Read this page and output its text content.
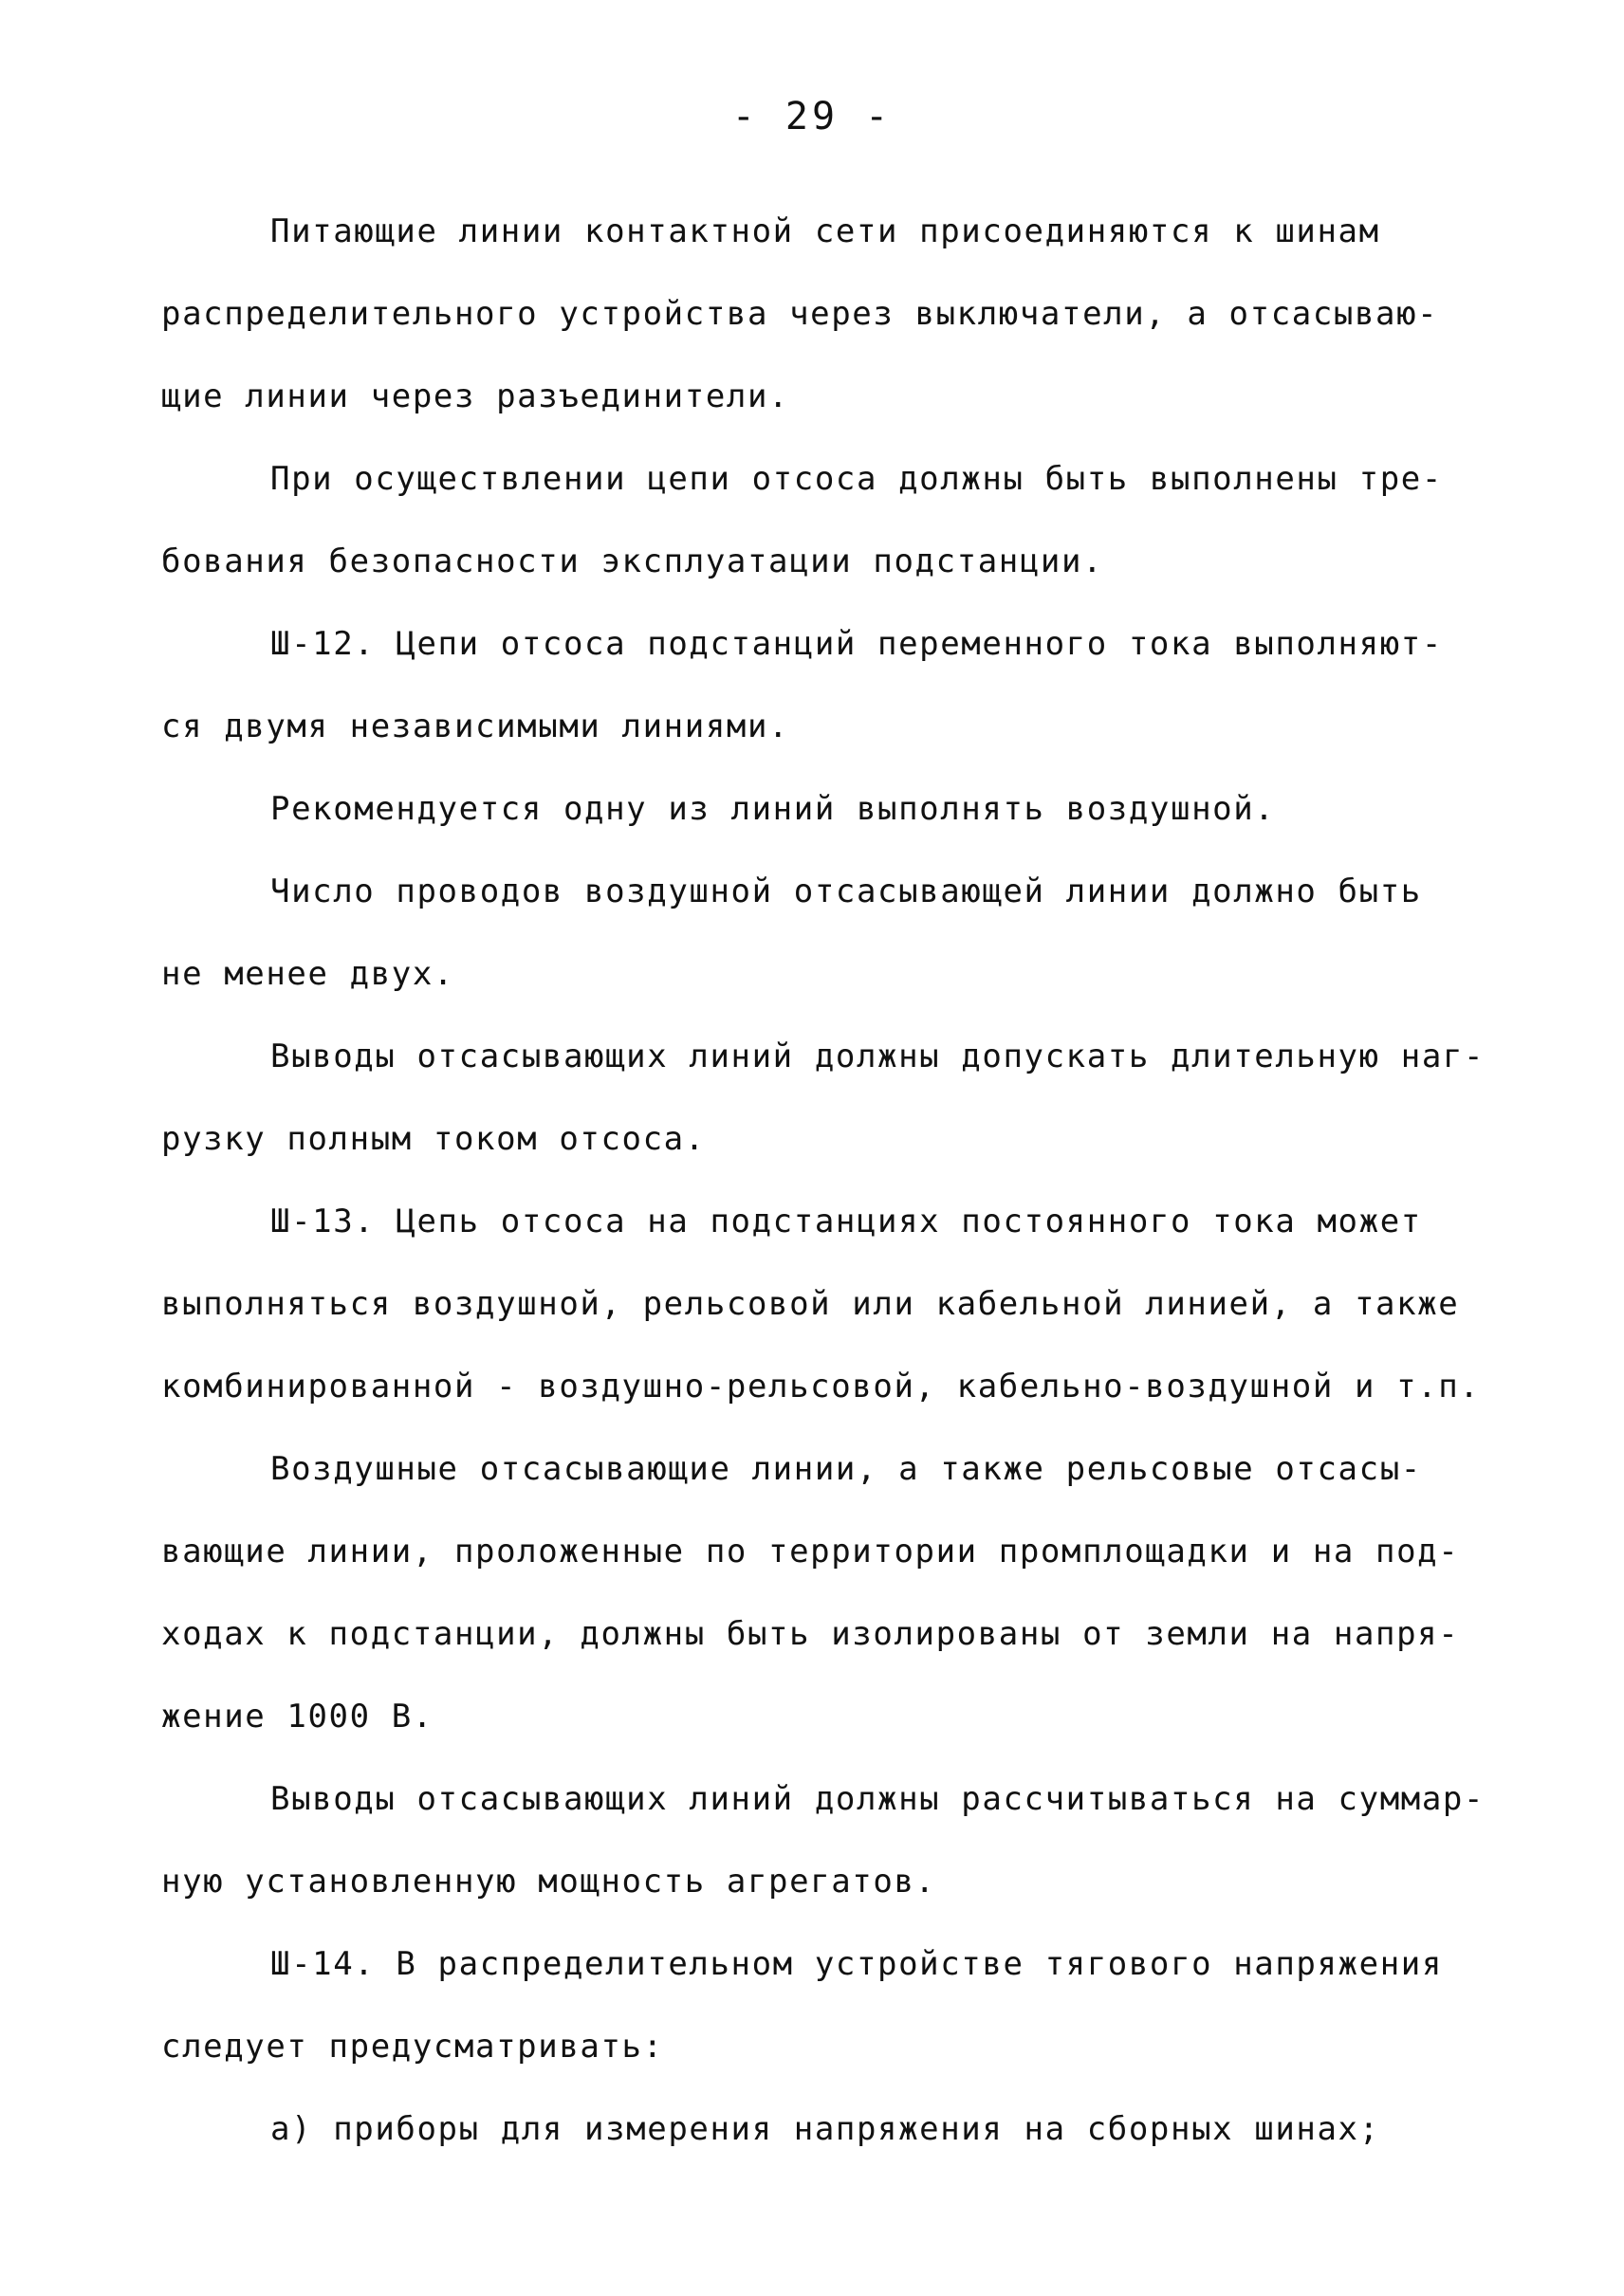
- 29 -
Питающие линии контактной сети присоединяются к шинам
распределительного устройства через выключатели, а отсасываю-
щие линии через разъединители.
При осуществлении цепи отсоса должны быть выполнены тре-
бования безопасности эксплуатации подстанции.
Ш-12. Цепи отсоса подстанций переменного тока выполняют-
ся двумя независимыми линиями.
Рекомендуется одну из линий выполнять воздушной.
Число проводов воздушной отсасывающей линии должно быть
не менее двух.
Выводы отсасывающих линий должны допускать длительную наг-
рузку полным током отсоса.
Ш-13. Цепь отсоса на подстанциях постоянного тока может
выполняться воздушной, рельсовой или кабельной линией, а также
комбинированной - воздушно-рельсовой, кабельно-воздушной и т.п.
Воздушные отсасывающие линии, а также рельсовые отсасы-
вающие линии, проложенные по территории промплощадки и на под-
ходах к подстанции, должны быть изолированы от земли на напря-
жение 1000 В.
Выводы отсасывающих линий должны рассчитываться на суммар-
ную установленную мощность агрегатов.
Ш-14. В распределительном устройстве тягового напряжения
следует предусматривать:
а) приборы для измерения напряжения на сборных шинах;
